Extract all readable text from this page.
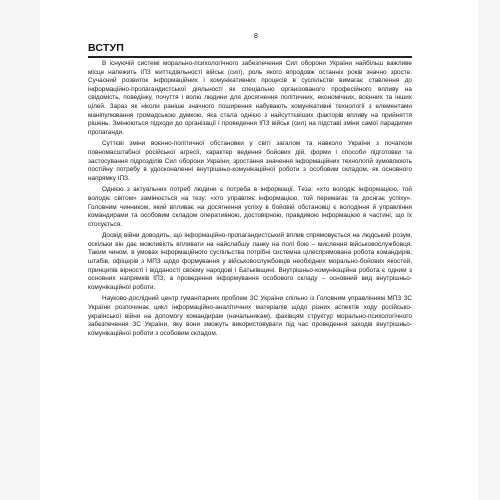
8
ВСТУП

В існуючій системі морально-психологічного забезпечення Сил оборони України найбільш важливе місце належить ІПЗ життєдіяльності військ (сил), роль якого впродовж останніх років значно зросте. Сучасний розвиток інформаційних і комунікативних процесів в суспільстві вимагає ставлення до інформаційно-пропагандистської діяльності як спеціально організованого професійного впливу на свідомість, поведінку, почуття і волю людини для досягнення політичних, економічних, воєнних та інших цілей. Зараз як ніколи раніше значного поширення набувають комунікативні технології з елементами маніпулювання громадською думкою, яка стала однією з найсуттєвіших факторів впливу на прийняття рішень. Змінюються підходи до організації і проведення ІПЗ військ (сил) на підставі зміни самої парадигми пропаганди.

Суттєві зміни воєнно-політичної обстановки у світі загалом та навколо України з початком повномасштабної російської агресії, характер ведення бойових дій, форми і способи підготовки та застосування підрозділів Сил оборони України, зростання значення інформаційних технологій зумовлюють постійну потребу в удосконаленні внутрішньо-комунікаційної роботи з особовим складом, як основного напрямку ІПЗ.

Однією з актуальних потреб людини є потреба в інформації. Теза: «хто володіє інформацією, той володіє світом» замінюється на тезу: «хто управляє інформацією, той перемагає та досягає успіху». Головним чинником, який впливає на досягнення успіху в бойовій обстановці є володіння й управління командирами та особовим складом оперативною, достовірною, правдивою інформацією в частині, що їх стосується.

Досвід війни доводить, що інформаційно-пропагандистський вплив спрямовується на людський розум, оскільки він дає можливість впливати на найслабшу ланку на полі бою – мислення військовослужбовця. Таким чином, в умовах інформаційного суспільства потрібні системна цілеспрямована робота командирів, штабів, офіцерів з МПЗ щодо формування у військовослужбовців необхідних морально-бойових якостей, принципів вірності і відданості своєму народові і Батьківщині. Внутрішньо-комунікаційна робота є одним з основних напрямків ІПЗ, а проведення інформування особового складу – основний вид внутрішньо-комунікаційної роботи.

Науково-дослідний центр гуманітарних проблем ЗС України спільно із Головним управлінням МПЗ ЗС України розпочинає цикл інформаційно-аналітичних матеріалів щодо різних аспектів ходу російсько-української війни на допомогу командирам (начальникам), фахівцям структур морально-психологічного забезпечення ЗС України, яку вони зможуть використовувати під час проведення заходів внутрішньо-комунікаційної роботи з особовим складом.
